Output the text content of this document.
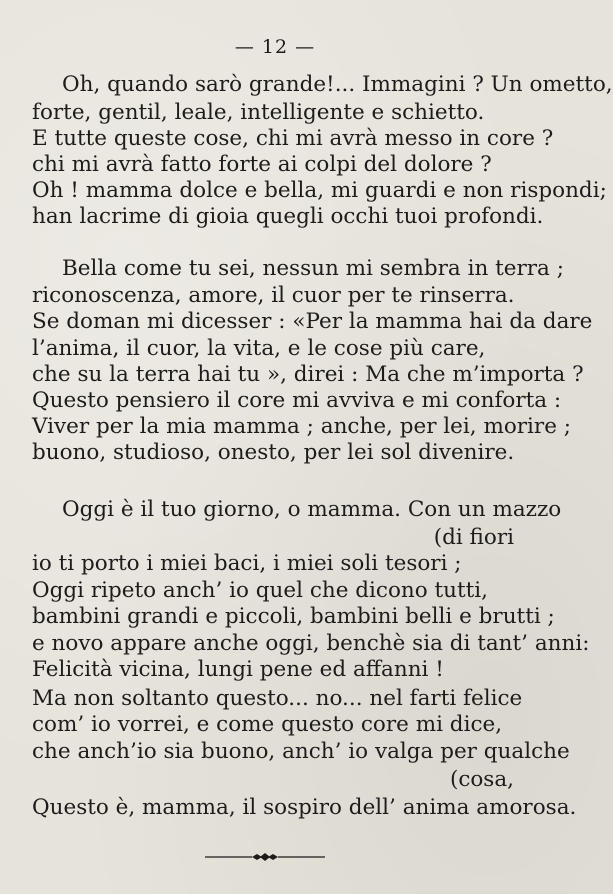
— 12 —
Oh, quando sarò grande!... Immagini ? Un ometto,
forte, gentil, leale, intelligente e schietto.
E tutte queste cose, chi mi avrà messo in core ?
chi mi avrà fatto forte ai colpi del dolore ?
Oh ! mamma dolce e bella, mi guardi e non rispondi;
han lacrime di gioia quegli occhi tuoi profondi.
Bella come tu sei, nessun mi sembra in terra ;
riconoscenza, amore, il cuor per te rinserra.
Se doman mi dicesser : «Per la mamma hai da dare
l’anima, il cuor, la vita, e le cose più care,
che su la terra hai tu », direi : Ma che m’importa ?
Questo pensiero il core mi avviva e mi conforta :
Viver per la mia mamma ; anche, per lei, morire ;
buono, studioso, onesto, per lei sol divenire.
Oggi è il tuo giorno, o mamma. Con un mazzo
(di fiori
io ti porto i miei baci, i miei soli tesori ;
Oggi ripeto anch’ io quel che dicono tutti,
bambini grandi e piccoli, bambini belli e brutti ;
e novo appare anche oggi, benchè sia di tant’ anni:
Felicità vicina, lungi pene ed affanni !
Ma non soltanto questo... no... nel farti felice
com’ io vorrei, e come questo core mi dice,
che anch’io sia buono, anch’ io valga per qualche
(cosa,
Questo è, mamma, il sospiro dell’ anima amorosa.
